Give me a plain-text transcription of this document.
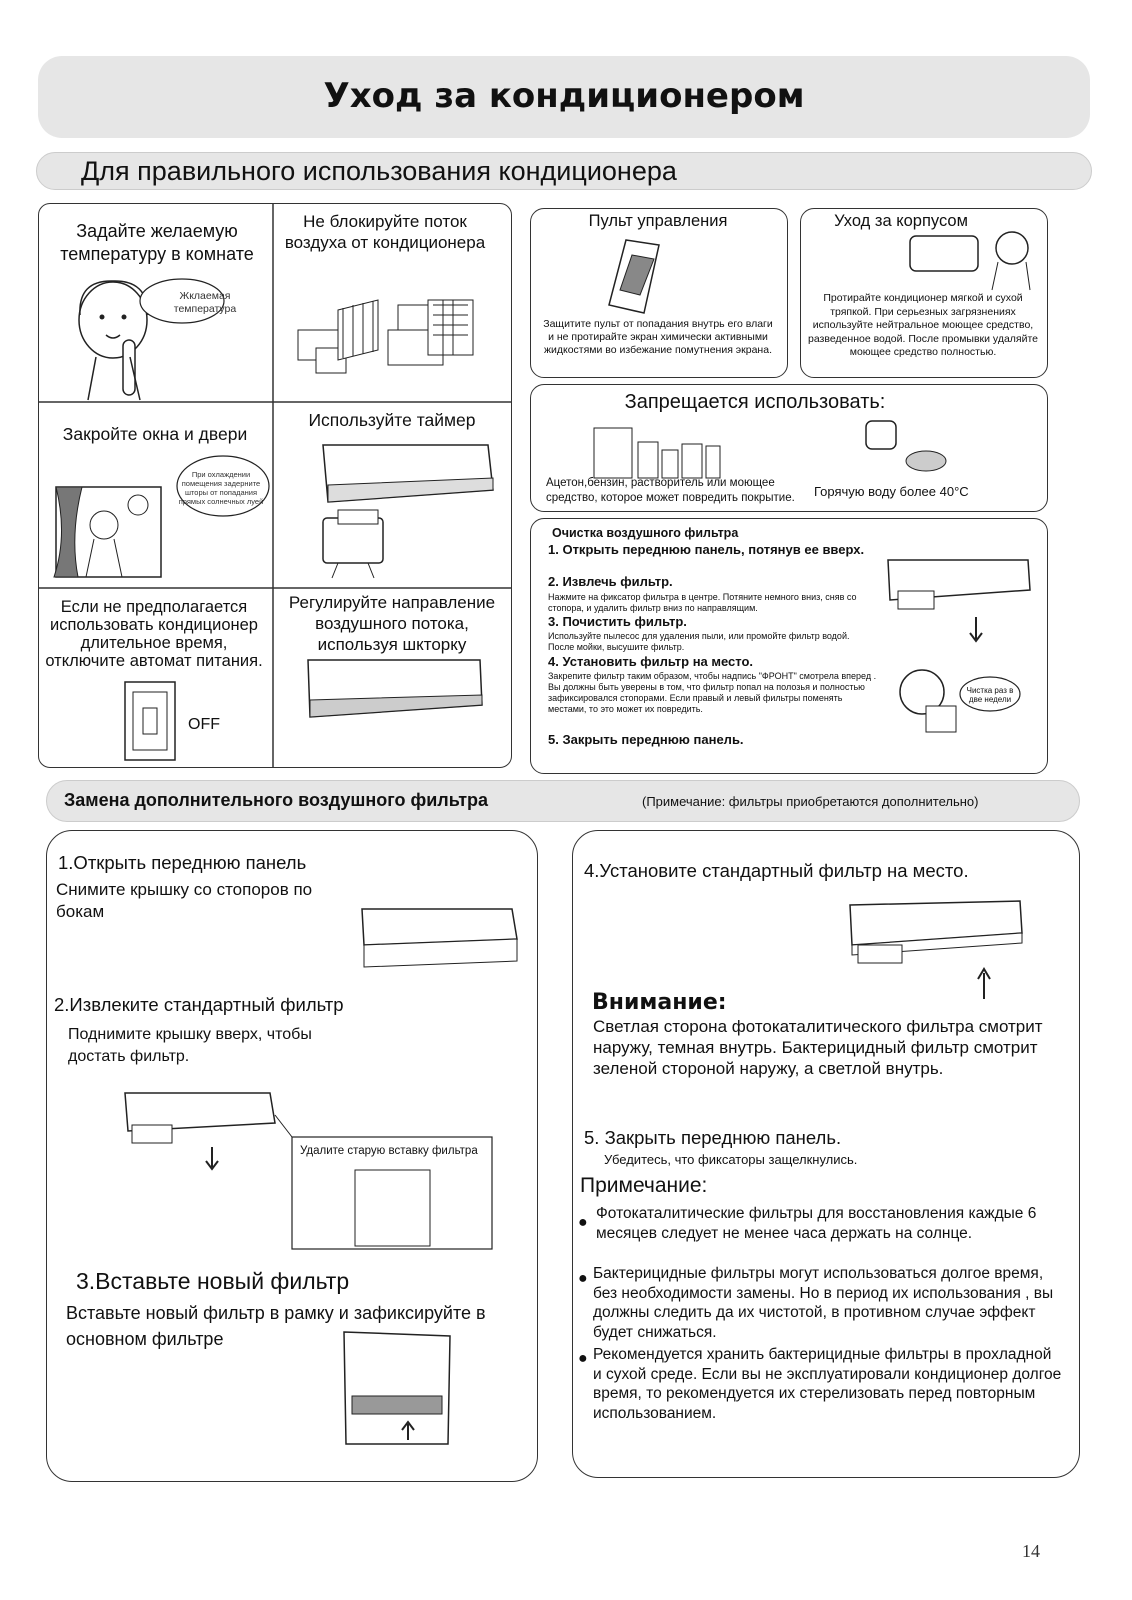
Уход за кондиционером
Для правильного использования кондиционера
Задайте желаемую температуру в комнате
Жклаемая температура
Не блокируйте поток воздуха от кондиционера
Закройте окна и двери
При охлаждении помещения задерните шторы от попадания прямых солнечных луей
Используйте таймер
Если не предполагается использовать кондиционер длительное время, отключите автомат питания.
OFF
Регулируйте направление воздушного потока, используя шкторку
Пульт управления
Защитите пульт от попадания внутрь его влаги и не протирайте экран химически активными жидкостями во избежание помутнения экрана.
Уход за корпусом
Протирайте кондиционер мягкой и сухой тряпкой. При серьезных загрязнениях используйте нейтральное моющее средство, разведенное водой. После промывки удаляйте моющее средство полностью.
Запрещается использовать:
Ацетон,бензин, растворитель или моющее средство, которое может повредить покрытие.	Горячую воду более 40°C
Очистка воздушного фильтра
1. Открыть переднюю панель, потянув ее вверх.
2. Извлечь фильтр.
Нажмите на фиксатор фильтра в центре. Потяните немного вниз, сняв со стопора, и удалить фильтр вниз по направлящим.
3. Почистить фильтр.
Используйте пылесос для удаления пыли, или промойте фильтр водой. После мойки, высушите фильтр.
4. Установить фильтр на место.
Закрепите фильтр таким образом, чтобы надпись "ФРОНТ" смотрела вперед . Вы должны быть уверены в том, что фильтр попал на полозья и полностью зафиксировался стопорами. Если правый и левый фильтры поменять местами, то это может их повредить.
5. Закрыть переднюю панель.
Чистка раз в две недели
Замена дополнительного воздушного фильтра	(Примечание: фильтры приобретаются дополнительно)
1.Открыть переднюю панель
Снимите крышку со стопоров по бокам
2.Извлеките стандартный фильтр
Поднимите крышку вверх, чтобы достать фильтр.
Удалите старую вставку фильтра
3.Вставьте новый фильтр
Вставьте новый фильтр в рамку и зафиксируйте в основном фильтре
4.Установите стандартный фильтр на место.
Внимание:
Светлая сторона фотокаталитического фильтра смотрит наружу, темная внутрь. Бактерицидный фильтр смотрит зеленой стороной наружу, а светлой внутрь.
5. Закрыть переднюю панель.
Убедитесь, что фиксаторы защелкнулись.
Примечание:
●
Фотокаталитические фильтры для восстановления каждые 6 месяцев следует не менее часа держать на солнце.
● Бактерицидные фильтры могут использоваться долгое время, без необходимости замены. Но в период их использования , вы должны следить да их чистотой, в противном случае эффект будет снижаться.
● Рекомендуется хранить бактерицидные фильтры в прохладной и сухой среде. Если вы не эксплуатировали кондиционер долгое время, то рекомендуется их стерелизовать перед повторным использованием.
14
